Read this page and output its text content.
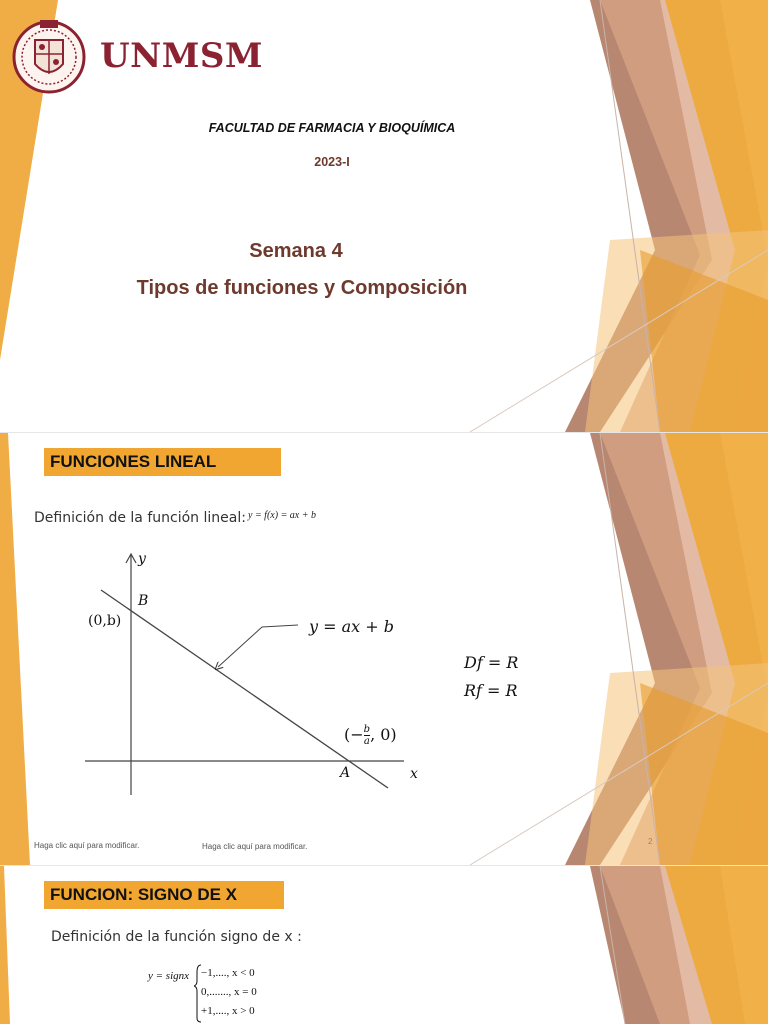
UNMSM
FACULTAD DE FARMACIA Y BIOQUÍMICA
2023-I
Semana 4
Tipos de funciones y Composición
FUNCIONES LINEAL
Definición de la función lineal: y = f(x) = ax + b
y
x
B
(0,b)	y = ax + b
A
(− $\frac{b}{a}$ , 0)
Df = R
Rf = R
Haga clic aquí para modificar.	Haga clic aquí para modificar.
2
FUNCION: SIGNO DE X
Definición de la función signo de x :
y = signx −1,...., x < 0
0,......., x = 0
+1,...., x > 0
